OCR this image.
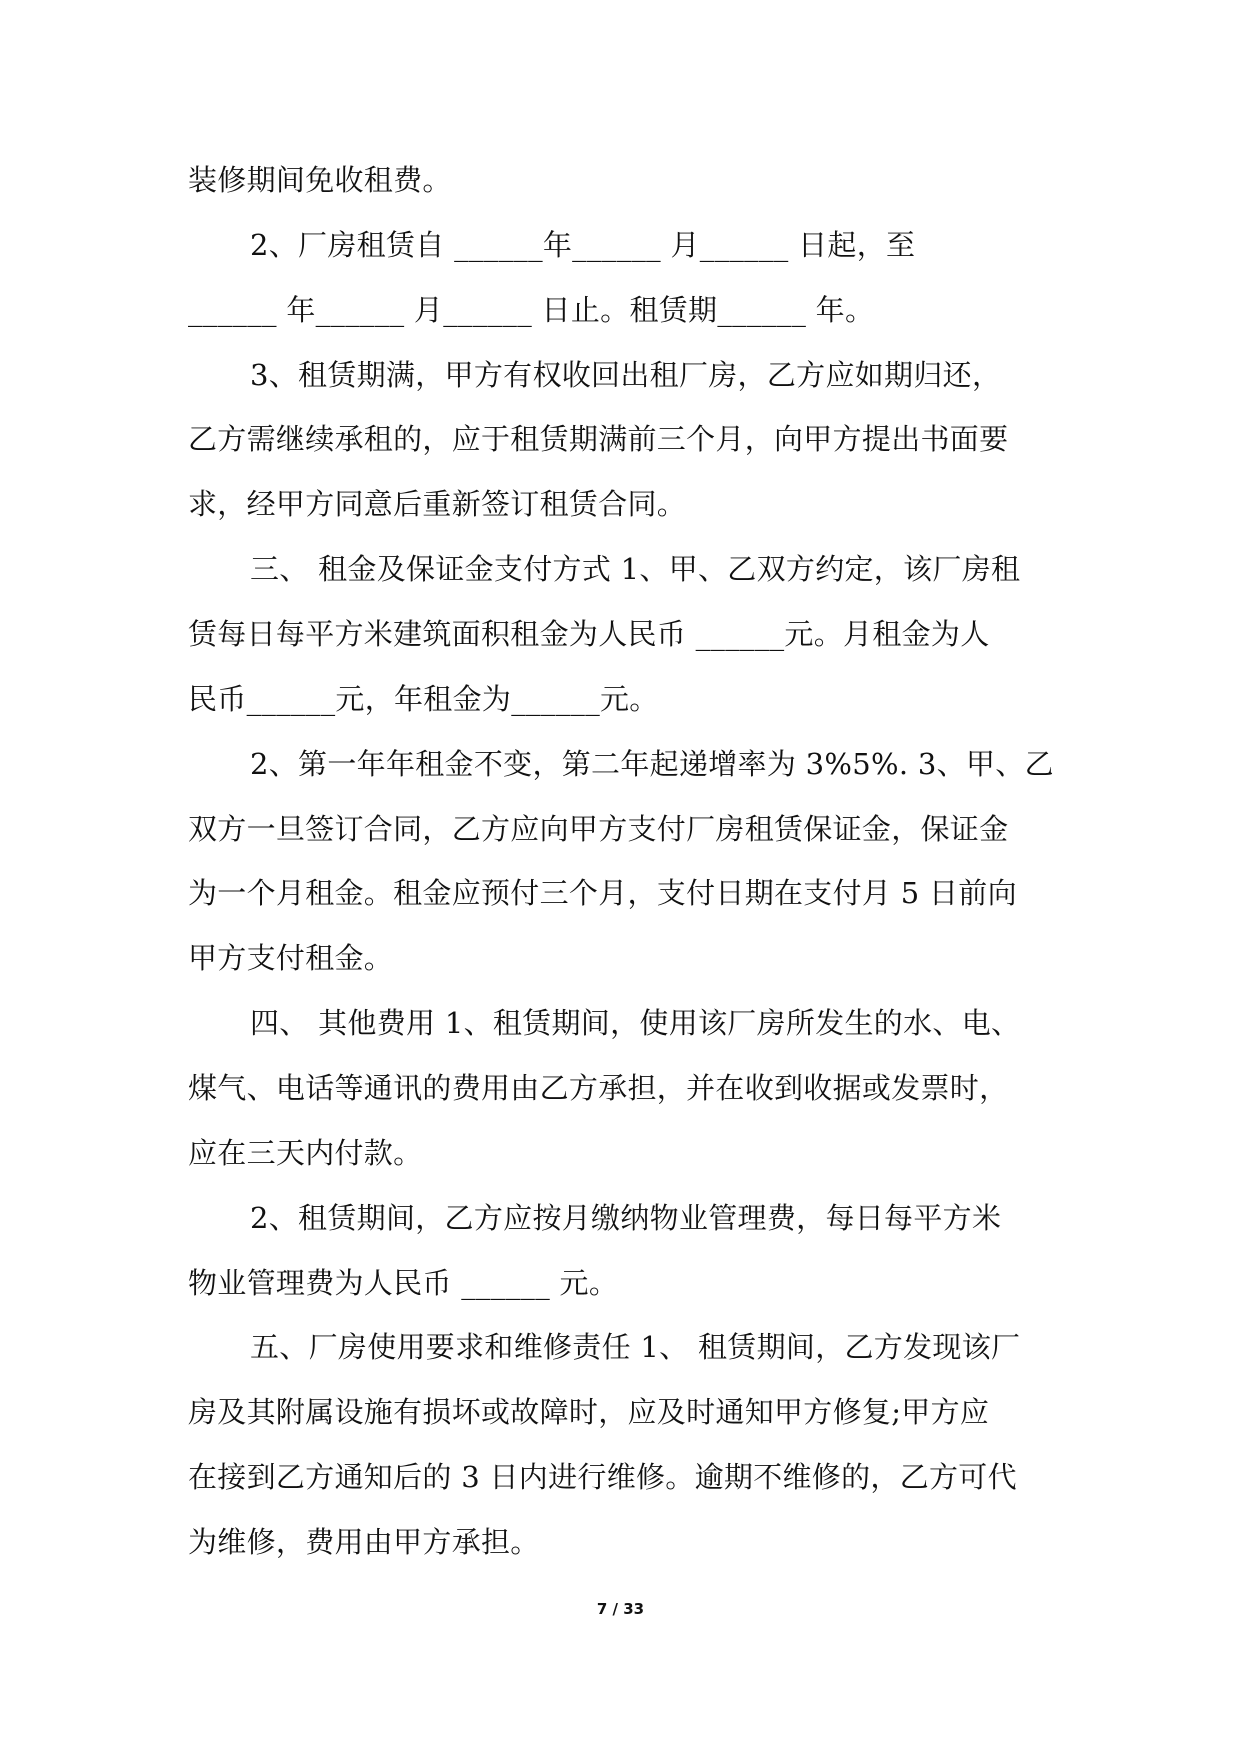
装修期间免收租费。
2、厂房租赁自 ______年______ 月______ 日起，至
______ 年______ 月______ 日止。租赁期______ 年。
3、租赁期满，甲方有权收回出租厂房，乙方应如期归还，
乙方需继续承租的，应于租赁期满前三个月，向甲方提出书面要
求，经甲方同意后重新签订租赁合同。
三、 租金及保证金支付方式 1、甲、乙双方约定，该厂房租
赁每日每平方米建筑面积租金为人民币 ______元。月租金为人
民币______元，年租金为______元。
2、第一年年租金不变，第二年起递增率为 3%5%. 3、甲、乙
双方一旦签订合同，乙方应向甲方支付厂房租赁保证金，保证金
为一个月租金。租金应预付三个月，支付日期在支付月 5 日前向
甲方支付租金。
四、 其他费用 1、租赁期间，使用该厂房所发生的水、电、
煤气、电话等通讯的费用由乙方承担，并在收到收据或发票时，
应在三天内付款。
2、租赁期间，乙方应按月缴纳物业管理费，每日每平方米
物业管理费为人民币 ______ 元。
五、厂房使用要求和维修责任 1、 租赁期间，乙方发现该厂
房及其附属设施有损坏或故障时，应及时通知甲方修复;甲方应
在接到乙方通知后的 3 日内进行维修。逾期不维修的，乙方可代
7 / 33
为维修，费用由甲方承担。
